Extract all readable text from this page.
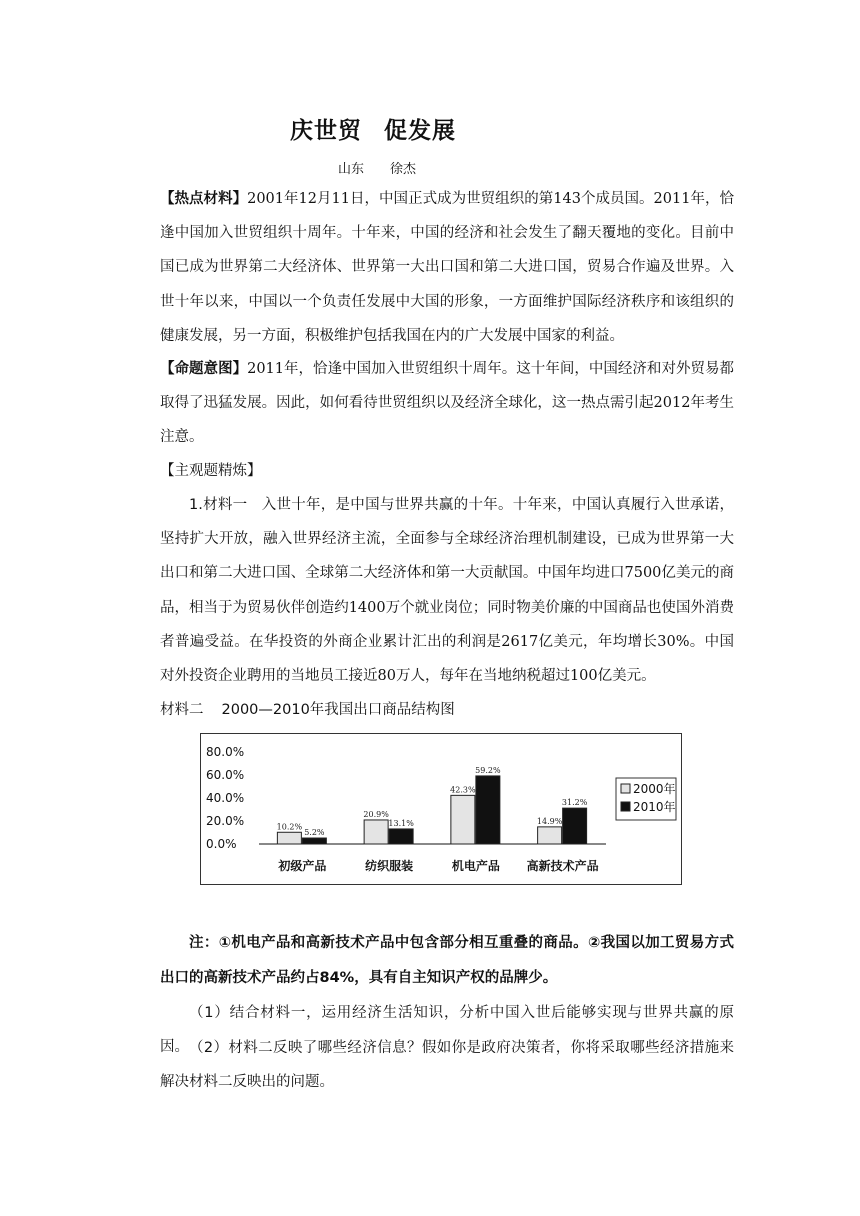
庆世贸 促发展
山东 徐杰
【热点材料】2001年12月11日，中国正式成为世贸组织的第143个成员国。2011年，恰逢中国加入世贸组织十周年。十年来，中国的经济和社会发生了翻天覆地的变化。目前中国已成为世界第二大经济体、世界第一大出口国和第二大进口国，贸易合作遍及世界。入世十年以来，中国以一个负责任发展中大国的形象，一方面维护国际经济秩序和该组织的健康发展，另一方面，积极维护包括我国在内的广大发展中国家的利益。
【命题意图】2011年，恰逢中国加入世贸组织十周年。这十年间，中国经济和对外贸易都取得了迅猛发展。因此，如何看待世贸组织以及经济全球化，这一热点需引起2012年考生注意。
【主观题精炼】
1.材料一 入世十年，是中国与世界共赢的十年。十年来，中国认真履行入世承诺，坚持扩大开放，融入世界经济主流，全面参与全球经济治理机制建设，已成为世界第一大出口和第二大进口国、全球第二大经济体和第一大贡献国。中国年均进口7500亿美元的商品，相当于为贸易伙伴创造约1400万个就业岗位；同时物美价廉的中国商品也使国外消费者普遍受益。在华投资的外商企业累计汇出的利润是2617亿美元，年均增长30%。中国对外投资企业聘用的当地员工接近80万人，每年在当地纳税超过100亿美元。
材料二 2000—2010年我国出口商品结构图
0.0%
20.0%
40.0%
60.0%
80.0%
10.2%
5.2%
20.9%
13.1%
42.3%
59.2%
14.9%
31.2%
初级产品	纺织服装	机电产品 高新技术产品
2000年
2010年
注：①机电产品和高新技术产品中包含部分相互重叠的商品。②我国以加工贸易方式出口的高新技术产品约占84%，具有自主知识产权的品牌少。
（1）结合材料一，运用经济生活知识，分析中国入世后能够实现与世界共赢的原因。 （2）材料二反映了哪些经济信息？假如你是政府决策者，你将采取哪些经济措施来解决材料二反映出的问题。
